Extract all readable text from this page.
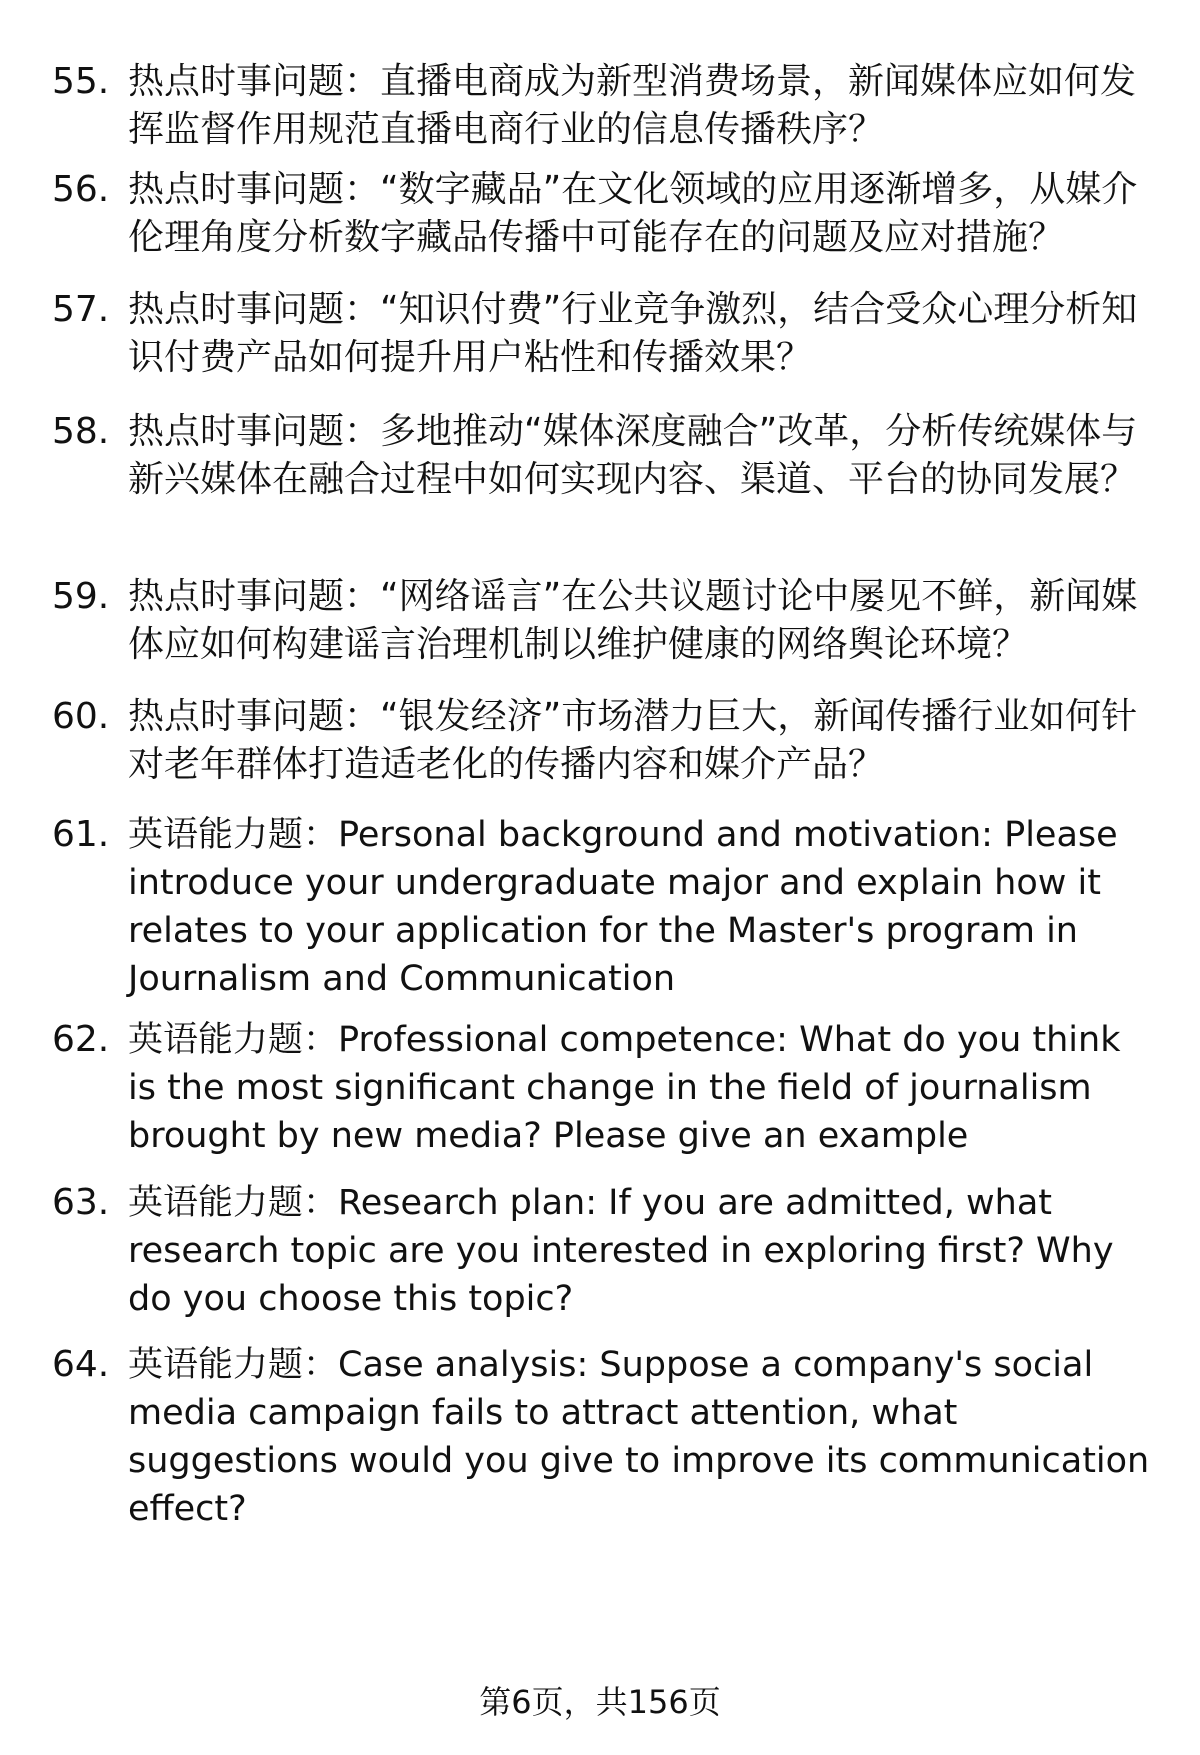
55. 热点时事问题：直播电商成为新型消费场景，新闻媒体应如何发挥监督作用规范直播电商行业的信息传播秩序？
56. 热点时事问题：“数字藏品”在文化领域的应用逐渐增多，从媒介伦理角度分析数字藏品传播中可能存在的问题及应对措施？
57. 热点时事问题：“知识付费”行业竞争激烈，结合受众心理分析知识付费产品如何提升用户粘性和传播效果？
58. 热点时事问题：多地推动“媒体深度融合”改革，分析传统媒体与新兴媒体在融合过程中如何实现内容、渠道、平台的协同发展？
59. 热点时事问题：“网络谣言”在公共议题讨论中屡见不鲜，新闻媒体应如何构建谣言治理机制以维护健康的网络舆论环境？
60. 热点时事问题：“银发经济”市场潜力巨大，新闻传播行业如何针对老年群体打造适老化的传播内容和媒介产品？
61. 英语能力题：Personal background and motivation: Please introduce your undergraduate major and explain how it relates to your application for the Master's program in Journalism and Communication
62. 英语能力题：Professional competence: What do you think is the most significant change in the field of journalism brought by new media? Please give an example
63. 英语能力题：Research plan: If you are admitted, what research topic are you interested in exploring first? Why do you choose this topic?
64. 英语能力题：Case analysis: Suppose a company's social media campaign fails to attract attention, what suggestions would you give to improve its communication effect?
第6页，共156页
